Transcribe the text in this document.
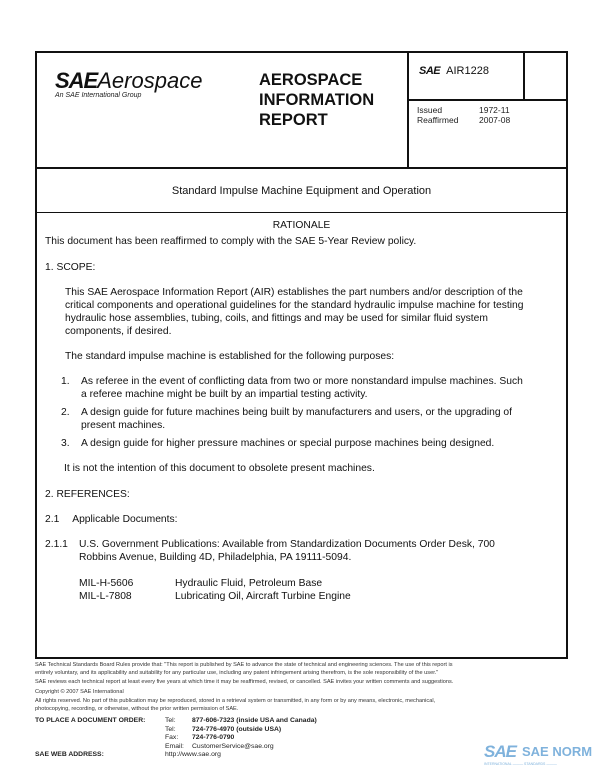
SAEAerospace
An SAE International Group
AEROSPACE
INFORMATION
REPORT
SAE AIR1228
Issued	1972-11
Reaffirmed	2007-08
Standard Impulse Machine Equipment and Operation
RATIONALE
This document has been reaffirmed to comply with the SAE 5-Year Review policy.
1. SCOPE:
This SAE Aerospace Information Report (AIR) establishes the part numbers and/or description of the
critical components and operational guidelines for the standard hydraulic impulse machine for testing
hydraulic hose assemblies, tubing, coils, and fittings and may be used for similar fluid system
components, if desired.
The standard impulse machine is established for the following purposes:
1. As referee in the event of conflicting data from two or more nonstandard impulse machines. Such
a referee machine might be built by an impartial testing activity.
2. A design guide for future machines being built by manufacturers and users, or the upgrading of
present machines.
3. A design guide for higher pressure machines or special purpose machines being designed.
It is not the intention of this document to obsolete present machines.
2. REFERENCES:
2.1 Applicable Documents:
2.1.1 U.S. Government Publications: Available from Standardization Documents Order Desk, 700
Robbins Avenue, Building 4D, Philadelphia, PA 19111-5094.
MIL-H-5606	Hydraulic Fluid, Petroleum Base
MIL-L-7808	Lubricating Oil, Aircraft Turbine Engine
SAE Technical Standards Board Rules provide that: "This report is published by SAE to advance the state of technical and engineering sciences. The use of this report is
entirely voluntary, and its applicability and suitability for any particular use, including any patent infringement arising therefrom, is the sole responsibility of the user."
SAE reviews each technical report at least every five years at which time it may be reaffirmed, revised, or cancelled. SAE invites your written comments and suggestions.
Copyright © 2007 SAE International
All rights reserved. No part of this publication may be reproduced, stored in a retrieval system or transmitted, in any form or by any means, electronic, mechanical,
photocopying, recording, or otherwise, without the prior written permission of SAE.
TO PLACE A DOCUMENT ORDER:	Tel: 877-606-7323 (inside USA and Canada)
Tel: 724-776-4970 (outside USA)
Fax: 724-776-0790
Email: CustomerService@sae.org
SAE WEB ADDRESS:	http://www.sae.org	SAE SAE NORM
INTERNATIONAL ——— STANDARDS ———
